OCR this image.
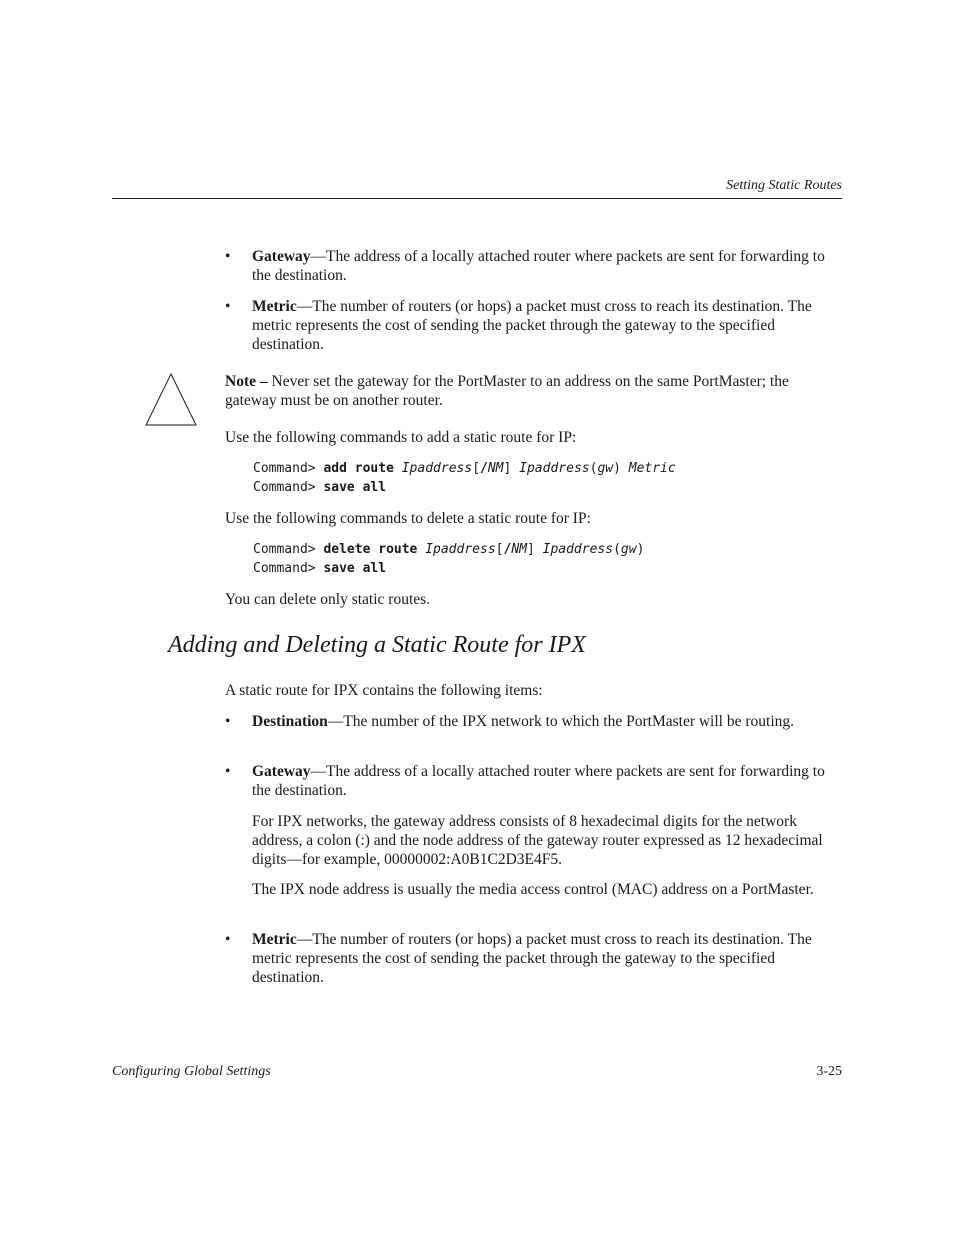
Setting Static Routes
• Gateway—The address of a locally attached router where packets are sent for forwarding to the destination.
• Metric—The number of routers (or hops) a packet must cross to reach its destination. The metric represents the cost of sending the packet through the gateway to the specified destination.
Note – Never set the gateway for the PortMaster to an address on the same PortMaster; the gateway must be on another router.
Use the following commands to add a static route for IP:
Command> add route Ipaddress[/NM] Ipaddress(gw) Metric
Command> save all
Use the following commands to delete a static route for IP:
Command> delete route Ipaddress[/NM] Ipaddress(gw)
Command> save all
You can delete only static routes.
Adding and Deleting a Static Route for IPX
A static route for IPX contains the following items:
• Destination—The number of the IPX network to which the PortMaster will be routing.
• Gateway—The address of a locally attached router where packets are sent for forwarding to the destination.
For IPX networks, the gateway address consists of 8 hexadecimal digits for the network address, a colon (:) and the node address of the gateway router expressed as 12 hexadecimal digits—for example, 00000002:A0B1C2D3E4F5.
The IPX node address is usually the media access control (MAC) address on a PortMaster.
• Metric—The number of routers (or hops) a packet must cross to reach its destination. The metric represents the cost of sending the packet through the gateway to the specified destination.
Configuring Global Settings	3-25
